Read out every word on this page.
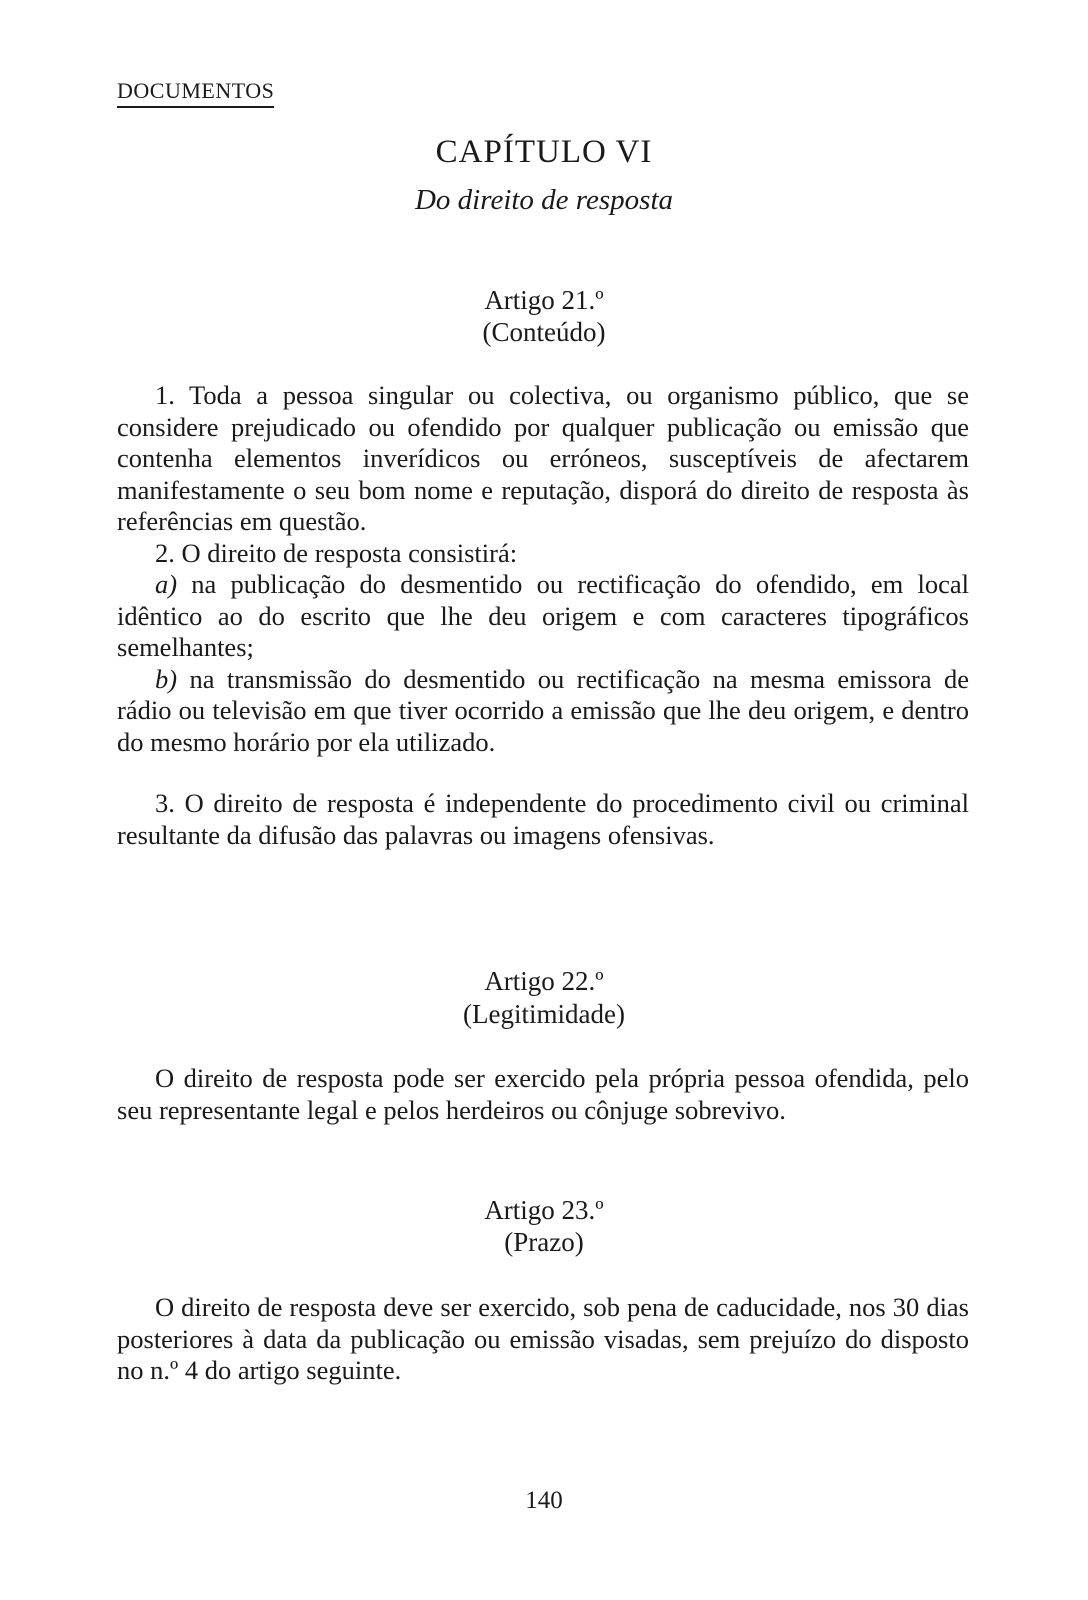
DOCUMENTOS
CAPÍTULO VI
Do direito de resposta
Artigo 21.º
(Conteúdo)

1. Toda a pessoa singular ou colectiva, ou organismo público, que se considere prejudicado ou ofendido por qualquer publicação ou emissão que contenha elementos inverídicos ou erróneos, susceptíveis de afectarem manifestamente o seu bom nome e reputação, disporá do direito de resposta às referências em questão.

2. O direito de resposta consistirá:

a) na publicação do desmentido ou rectificação do ofendido, em local idêntico ao do escrito que lhe deu origem e com caracteres tipográficos semelhantes;

b) na transmissão do desmentido ou rectificação na mesma emissora de rádio ou televisão em que tiver ocorrido a emissão que lhe deu origem, e dentro do mesmo horário por ela utilizado.

3. O direito de resposta é independente do procedimento civil ou criminal resultante da difusão das palavras ou imagens ofensivas.

Artigo 22.º
(Legitimidade)

O direito de resposta pode ser exercido pela própria pessoa ofendida, pelo seu representante legal e pelos herdeiros ou cônjuge sobrevivo.

Artigo 23.º
(Prazo)

O direito de resposta deve ser exercido, sob pena de caducidade, nos 30 dias posteriores à data da publicação ou emissão visadas, sem prejuízo do disposto no n.º 4 do artigo seguinte.

140
